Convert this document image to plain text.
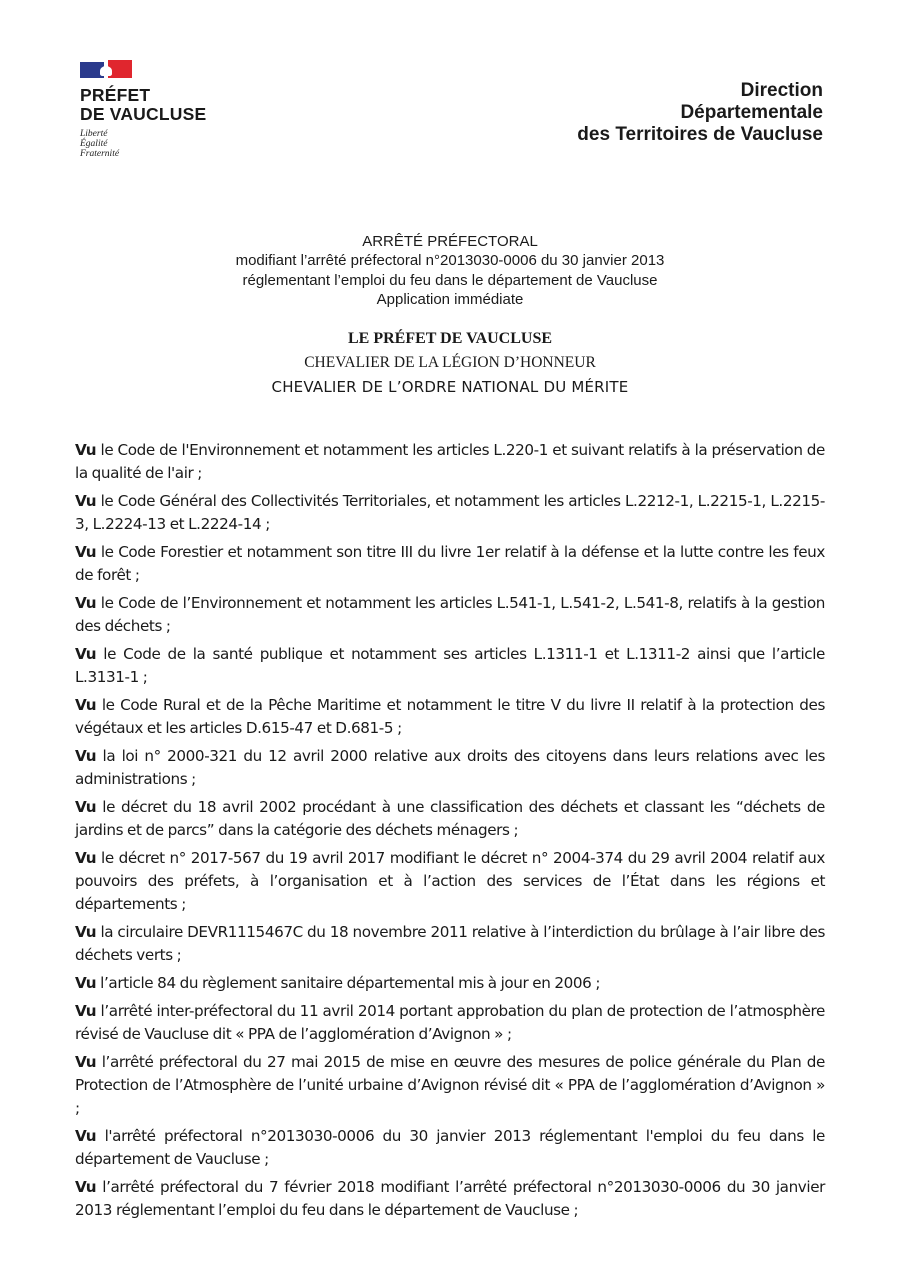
PRÉFET
DE VAUCLUSE
Liberté
Égalité
Fraternité
Direction
Départementale
des Territoires de Vaucluse
ARRÊTÉ PRÉFECTORAL
modifiant l’arrêté préfectoral n°2013030-0006 du 30 janvier 2013
réglementant l’emploi du feu dans le département de Vaucluse
Application immédiate
LE PRÉFET DE VAUCLUSE
CHEVALIER DE LA LÉGION D’HONNEUR
CHEVALIER DE L’ORDRE NATIONAL DU MÉRITE

Vu le Code de l'Environnement et notamment les articles L.220-1 et suivant relatifs à la préservation de la qualité de l'air ;

Vu le Code Général des Collectivités Territoriales, et notamment les articles L.2212-1, L.2215-1, L.2215-3, L.2224-13 et L.2224-14 ;

Vu le Code Forestier et notamment son titre III du livre 1er relatif à la défense et la lutte contre les feux de forêt ;

Vu le Code de l’Environnement et notamment les articles L.541-1, L.541-2, L.541-8, relatifs à la gestion des déchets ;

Vu le Code de la santé publique et notamment ses articles L.1311-1 et L.1311-2 ainsi que l’article L.3131-1 ;

Vu le Code Rural et de la Pêche Maritime et notamment le titre V du livre II relatif à la protection des végétaux et les articles D.615-47 et D.681-5 ;

Vu la loi n° 2000-321 du 12 avril 2000 relative aux droits des citoyens dans leurs relations avec les administrations ;

Vu le décret du 18 avril 2002 procédant à une classification des déchets et classant les “déchets de jardins et de parcs” dans la catégorie des déchets ménagers ;

Vu le décret n° 2017-567 du 19 avril 2017 modifiant le décret n° 2004-374 du 29 avril 2004 relatif aux pouvoirs des préfets, à l’organisation et à l’action des services de l’État dans les régions et départements ;

Vu la circulaire DEVR1115467C du 18 novembre 2011 relative à l’interdiction du brûlage à l’air libre des déchets verts ;

Vu l’article 84 du règlement sanitaire départemental mis à jour en 2006 ;

Vu l’arrêté inter-préfectoral du 11 avril 2014 portant approbation du plan de protection de l’atmosphère révisé de Vaucluse dit « PPA de l’agglomération d’Avignon » ;

Vu l’arrêté préfectoral du 27 mai 2015 de mise en œuvre des mesures de police générale du Plan de Protection de l’Atmosphère de l’unité urbaine d’Avignon révisé dit « PPA de l’agglomération d’Avignon » ;

Vu l'arrêté préfectoral n°2013030-0006 du 30 janvier 2013 réglementant l'emploi du feu dans le département de Vaucluse ;

Vu l’arrêté préfectoral du 7 février 2018 modifiant l’arrêté préfectoral n°2013030-0006 du 30 janvier 2013 réglementant l’emploi du feu dans le département de Vaucluse ;
